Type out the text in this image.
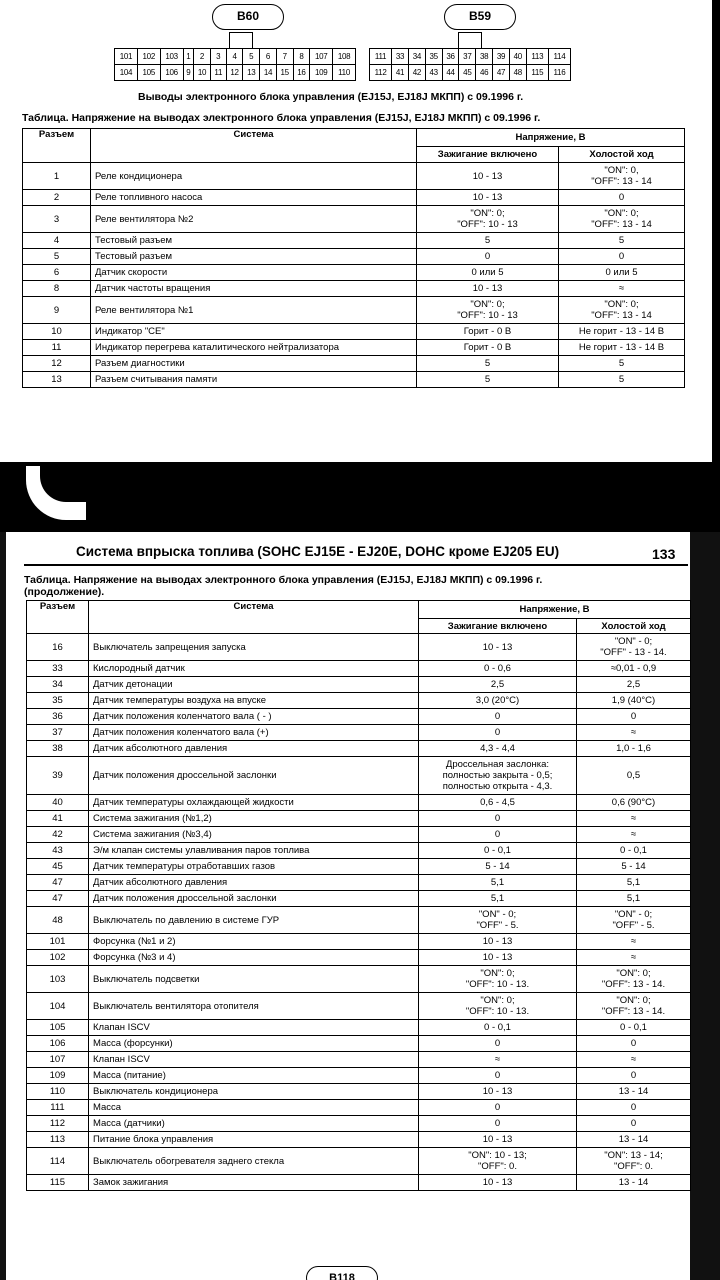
B60
101	102	103	1	2	3	4	5	6	7	8	107	108
104	105	106	9	10	11	12	13	14	15	16	109	110
B59
111	33	34	35	36	37	38	39	40	113	114
112	41	42	43	44	45	46	47	48	115	116
Выводы электронного блока управления (EJ15J, EJ18J МКПП) с 09.1996 г.
Таблица. Напряжение на выводах электронного блока управления (EJ15J, EJ18J МКПП) с 09.1996 г.
Разъем	Система	Напряжение, В	
		Зажигание включено	Холостой ход
1	Реле кондиционера	10 - 13	"ON": 0,
"OFF": 13 - 14
2	Реле топливного насоса	10 - 13	0
3	Реле вентилятора №2	"ON": 0;
"OFF": 10 - 13	"ON": 0;
"OFF": 13 - 14
4	Тестовый разъем	5	5
5	Тестовый разъем	0	0
6	Датчик скорости	0 или 5	0 или 5
8	Датчик частоты вращения	10 - 13	≈
9	Реле вентилятора №1	"ON": 0;
"OFF": 10 - 13	"ON": 0;
"OFF": 13 - 14
10	Индикатор "CE"	Горит - 0 В	Не горит - 13 - 14 В
11	Индикатор перегрева каталитического нейтрализатора	Горит - 0 В	Не горит - 13 - 14 В
12	Разъем диагностики	5	5
13	Разъем считывания памяти	5	5
Система впрыска топлива (SOHC EJ15E - EJ20E, DOHC кроме EJ205 EU)	133
Таблица. Напряжение на выводах электронного блока управления (EJ15J, EJ18J МКПП) с 09.1996 г.
(продолжение).
Разъем	Система	Напряжение, В	
		Зажигание включено	Холостой ход
16	Выключатель запрещения запуска	10 - 13	"ON" - 0;
"OFF" - 13 - 14.
33	Кислородный датчик	0 - 0,6	≈0,01 - 0,9
34	Датчик детонации	2,5	2,5
35	Датчик температуры воздуха на впуске	3,0 (20°C)	1,9 (40°C)
36	Датчик положения коленчатого вала ( - )	0	0
37	Датчик положения коленчатого вала (+)	0	≈
38	Датчик абсолютного давления	4,3 - 4,4	1,0 - 1,6
39	Датчик положения дроссельной заслонки	Дроссельная заслонка:
полностью закрыта - 0,5;
полностью открыта - 4,3.	0,5
40	Датчик температуры охлаждающей жидкости	0,6 - 4,5	0,6 (90°C)
41	Система зажигания (№1,2)	0	≈
42	Система зажигания (№3,4)	0	≈
43	Э/м клапан системы улавливания паров топлива	0 - 0,1	0 - 0,1
45	Датчик температуры отработавших газов	5 - 14	5 - 14
47	Датчик абсолютного давления	5,1	5,1
47	Датчик положения дроссельной заслонки	5,1	5,1
48	Выключатель по давлению в системе ГУР	"ON" - 0;
"OFF" - 5.	"ON" - 0;
"OFF" - 5.
101	Форсунка (№1 и 2)	10 - 13	≈
102	Форсунка (№3 и 4)	10 - 13	≈
103	Выключатель подсветки	"ON": 0;
"OFF": 10 - 13.	"ON": 0;
"OFF": 13 - 14.
104	Выключатель вентилятора отопителя	"ON": 0;
"OFF": 10 - 13.	"ON": 0;
"OFF": 13 - 14.
105	Клапан ISCV	0 - 0,1	0 - 0,1
106	Масса (форсунки)	0	0
107	Клапан ISCV	≈	≈
109	Масса (питание)	0	0
110	Выключатель кондиционера	10 - 13	13 - 14
111	Масса	0	0
112	Масса (датчики)	0	0
113	Питание блока управления	10 - 13	13 - 14
114	Выключатель обогревателя заднего стекла	"ON": 10 - 13;
"OFF": 0.	"ON": 13 - 14;
"OFF": 0.
115	Замок зажигания	10 - 13	13 - 14
B118
